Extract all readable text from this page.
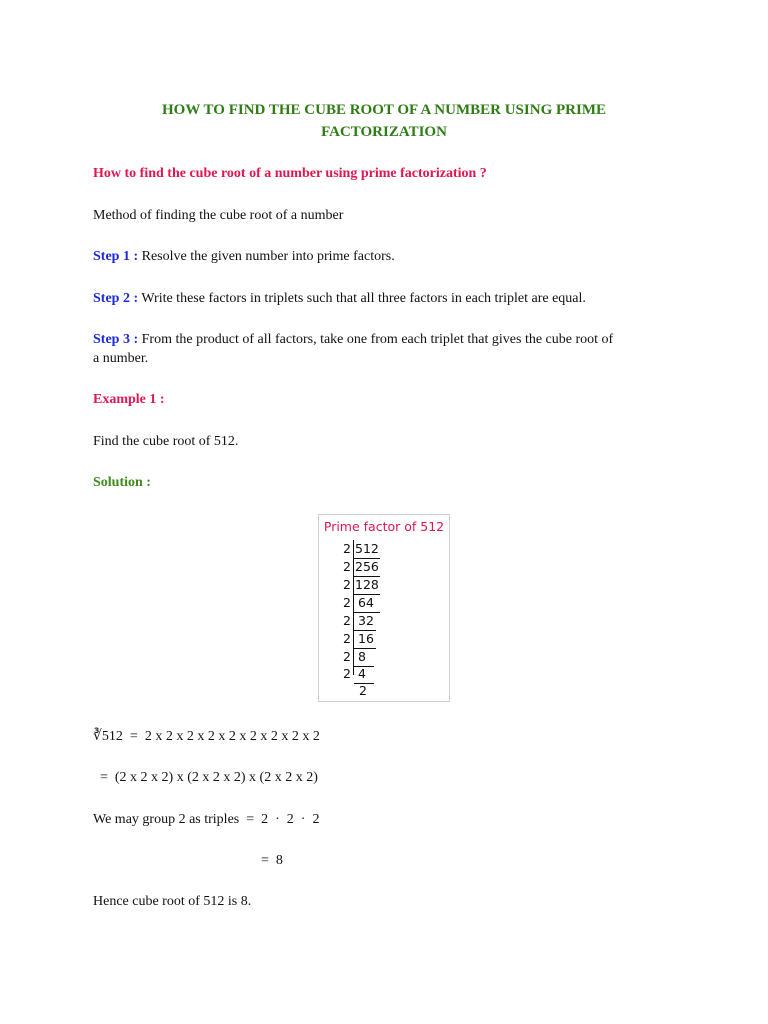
HOW TO FIND THE CUBE ROOT OF A NUMBER USING PRIME
FACTORIZATION
How to find the cube root of a number using prime factorization ?
Method of finding the cube root of a number
Step 1 : Resolve the given number into prime factors.
Step 2 : Write these factors in triplets such that all three factors in each triplet are equal.
Step 3 : From the product of all factors, take one from each triplet that gives the cube root of
a number.
Example 1 :
Find the cube root of 512.
Solution :
Prime factor of 512
2 512
2 256
2 128
2 64
2 32
2 16
2 8
2 4
2
∛512  =  2 x 2 x 2 x 2 x 2 x 2 x 2 x 2 x 2
=  (2 x 2 x 2) x (2 x 2 x 2) x (2 x 2 x 2)
We may group 2 as triples  =  2  ·  2  ·  2
=  8
Hence cube root of 512 is 8.
